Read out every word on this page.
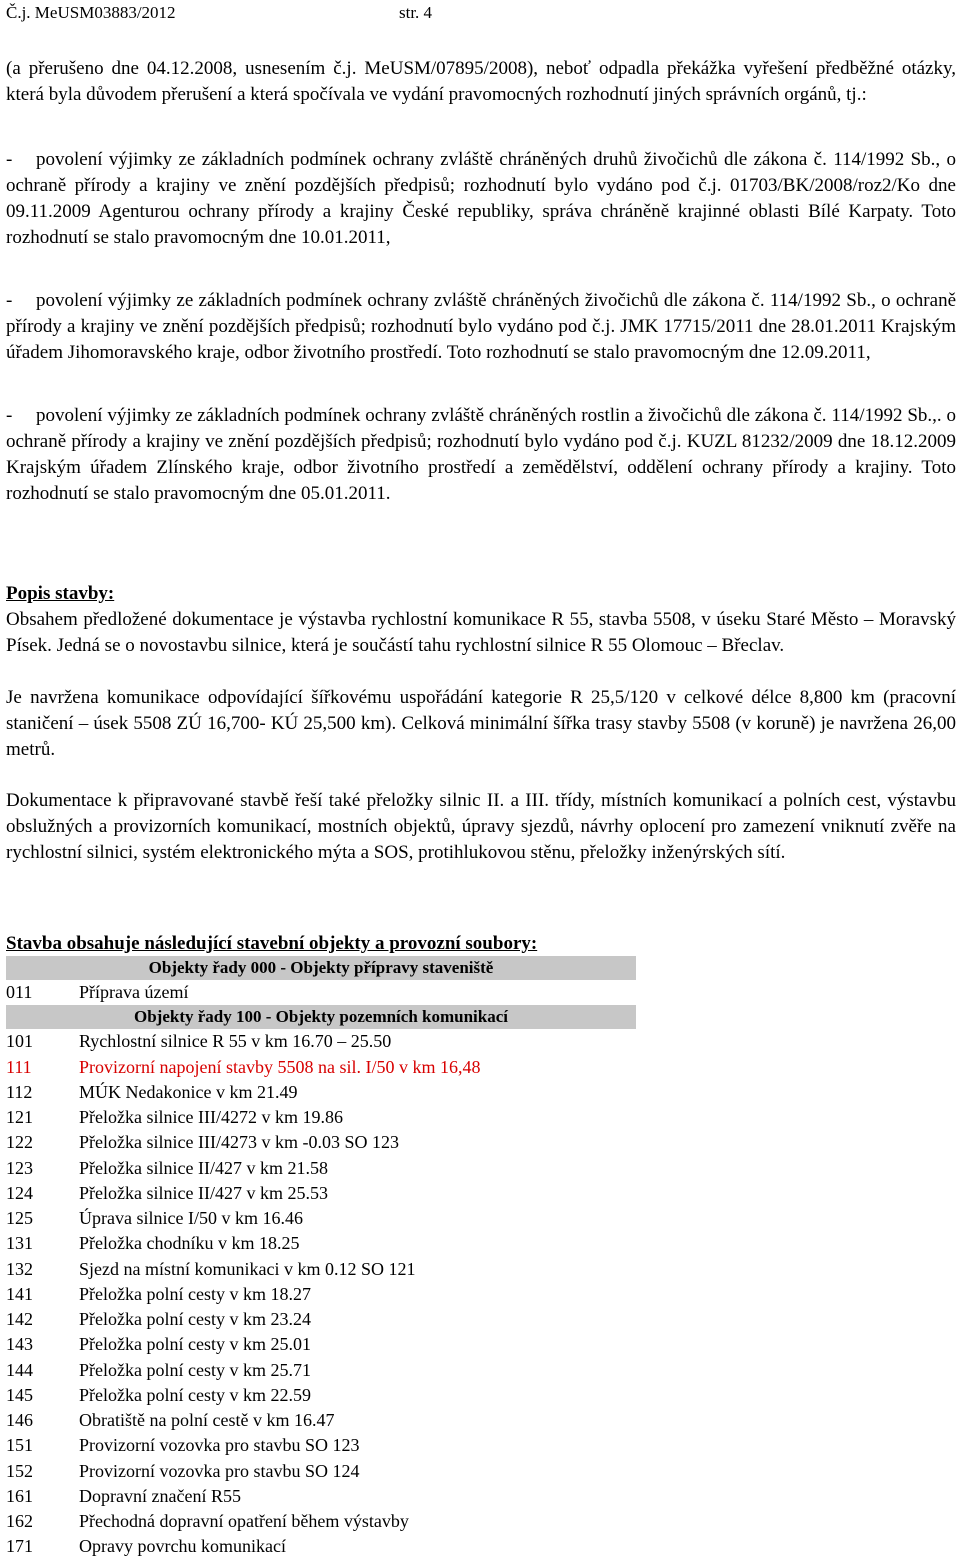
Č.j. MeUSM03883/2012	str. 4
(a přerušeno dne 04.12.2008, usnesením č.j. MeUSM/07895/2008), neboť odpadla překážka vyřešení předběžné otázky, která byla důvodem přerušení a která spočívala ve vydání pravomocných rozhodnutí jiných správních orgánů, tj.:
-	povolení výjimky ze základních podmínek ochrany zvláště chráněných druhů živočichů dle zákona č. 114/1992 Sb., o ochraně přírody a krajiny ve znění pozdějších předpisů; rozhodnutí bylo vydáno pod č.j. 01703/BK/2008/roz2/Ko dne 09.11.2009 Agenturou ochrany přírody a krajiny České republiky, správa chráněně krajinné oblasti Bílé Karpaty. Toto rozhodnutí se stalo pravomocným dne 10.01.2011,
-	povolení výjimky ze základních podmínek ochrany zvláště chráněných živočichů dle zákona č. 114/1992 Sb., o ochraně přírody a krajiny ve znění pozdějších předpisů; rozhodnutí bylo vydáno pod č.j. JMK 17715/2011 dne 28.01.2011 Krajským úřadem Jihomoravského kraje, odbor životního prostředí. Toto rozhodnutí se stalo pravomocným dne 12.09.2011,
-	povolení výjimky ze základních podmínek ochrany zvláště chráněných rostlin a živočichů dle zákona č. 114/1992 Sb.,. o ochraně přírody a krajiny ve znění pozdějších předpisů; rozhodnutí bylo vydáno pod č.j. KUZL 81232/2009 dne 18.12.2009 Krajským úřadem Zlínského kraje, odbor životního prostředí a zemědělství, oddělení ochrany přírody a krajiny. Toto rozhodnutí se stalo pravomocným dne 05.01.2011.
Popis stavby:
Obsahem předložené dokumentace je výstavba rychlostní komunikace R 55, stavba 5508, v úseku Staré Město – Moravský Písek. Jedná se o novostavbu silnice, která je součástí tahu rychlostní silnice R 55 Olomouc – Břeclav.
Je navržena komunikace odpovídající šířkovému uspořádání kategorie R 25,5/120 v celkové délce 8,800 km (pracovní staničení – úsek 5508 ZÚ 16,700- KÚ 25,500 km). Celková minimální šířka trasy stavby 5508 (v koruně) je navržena 26,00 metrů.
Dokumentace k připravované stavbě řeší také přeložky silnic II. a III. třídy, místních komunikací a polních cest, výstavbu obslužných a provizorních komunikací, mostních objektů, úpravy sjezdů, návrhy oplocení pro zamezení vniknutí zvěře na rychlostní silnici, systém elektronického mýta a SOS, protihlukovou stěnu, přeložky inženýrských sítí.
Stavba obsahuje následující stavební objekty a provozní soubory:
Objekty řady 000 - Objekty přípravy staveniště
011	Příprava území
Objekty řady 100 - Objekty pozemních komunikací
101	Rychlostní silnice R 55 v km 16.70 – 25.50
111	Provizorní napojení stavby 5508 na sil. I/50 v km 16,48
112	MÚK Nedakonice v km 21.49
121	Přeložka silnice III/4272 v km 19.86
122	Přeložka silnice III/4273 v km -0.03 SO 123
123	Přeložka silnice II/427 v km 21.58
124	Přeložka silnice II/427 v km 25.53
125	Úprava silnice I/50 v km 16.46
131	Přeložka chodníku v km 18.25
132	Sjezd na místní komunikaci v km 0.12 SO 121
141	Přeložka polní cesty v km 18.27
142	Přeložka polní cesty v km 23.24
143	Přeložka polní cesty v km 25.01
144	Přeložka polní cesty v km 25.71
145	Přeložka polní cesty v km 22.59
146	Obratiště na polní cestě v km 16.47
151	Provizorní vozovka pro stavbu SO 123
152	Provizorní vozovka pro stavbu SO 124
161	Dopravní značení R55
162	Přechodná dopravní opatření během výstavby
171	Opravy povrchu komunikací
